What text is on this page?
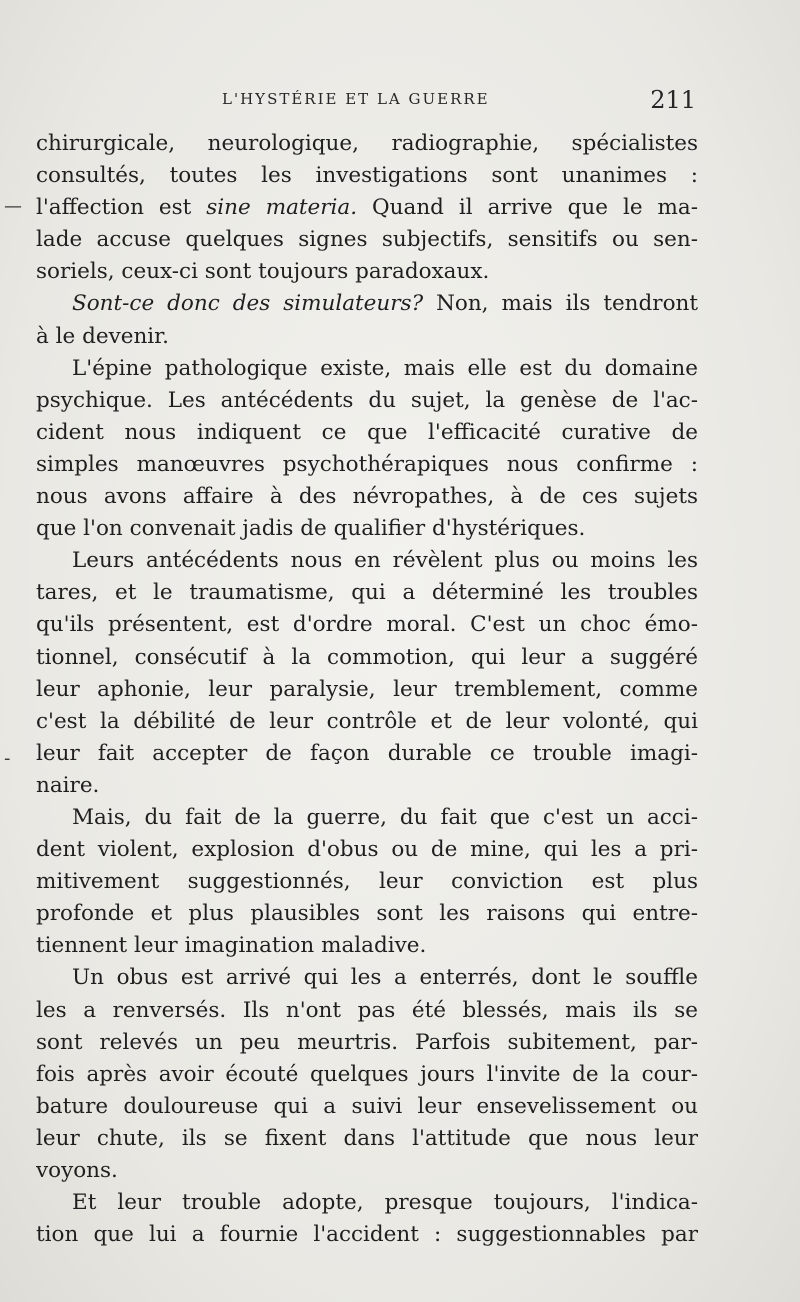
L'HYSTÉRIE ET LA GUERRE	211
chirurgicale, neurologique, radiographie, spécialistes
consultés, toutes les investigations sont unanimes :
l'affection est sine materia. Quand il arrive que le ma-
lade accuse quelques signes subjectifs, sensitifs ou sen-
soriels, ceux-ci sont toujours paradoxaux.
Sont-ce donc des simulateurs? Non, mais ils tendront
à le devenir.
L'épine pathologique existe, mais elle est du domaine
psychique. Les antécédents du sujet, la genèse de l'ac-
cident nous indiquent ce que l'efficacité curative de
simples manœuvres psychothérapiques nous confirme :
nous avons affaire à des névropathes, à de ces sujets
que l'on convenait jadis de qualifier d'hystériques.
Leurs antécédents nous en révèlent plus ou moins les
tares, et le traumatisme, qui a déterminé les troubles
qu'ils présentent, est d'ordre moral. C'est un choc émo-
tionnel, consécutif à la commotion, qui leur a suggéré
leur aphonie, leur paralysie, leur tremblement, comme
c'est la débilité de leur contrôle et de leur volonté, qui
leur fait accepter de façon durable ce trouble imagi-
naire.
Mais, du fait de la guerre, du fait que c'est un acci-
dent violent, explosion d'obus ou de mine, qui les a pri-
mitivement suggestionnés, leur conviction est plus
profonde et plus plausibles sont les raisons qui entre-
tiennent leur imagination maladive.
Un obus est arrivé qui les a enterrés, dont le souffle
les a renversés. Ils n'ont pas été blessés, mais ils se
sont relevés un peu meurtris. Parfois subitement, par-
fois après avoir écouté quelques jours l'invite de la cour-
bature douloureuse qui a suivi leur ensevelissement ou
leur chute, ils se fixent dans l'attitude que nous leur
voyons.
Et leur trouble adopte, presque toujours, l'indica-
tion que lui a fournie l'accident : suggestionnables par
—
-
